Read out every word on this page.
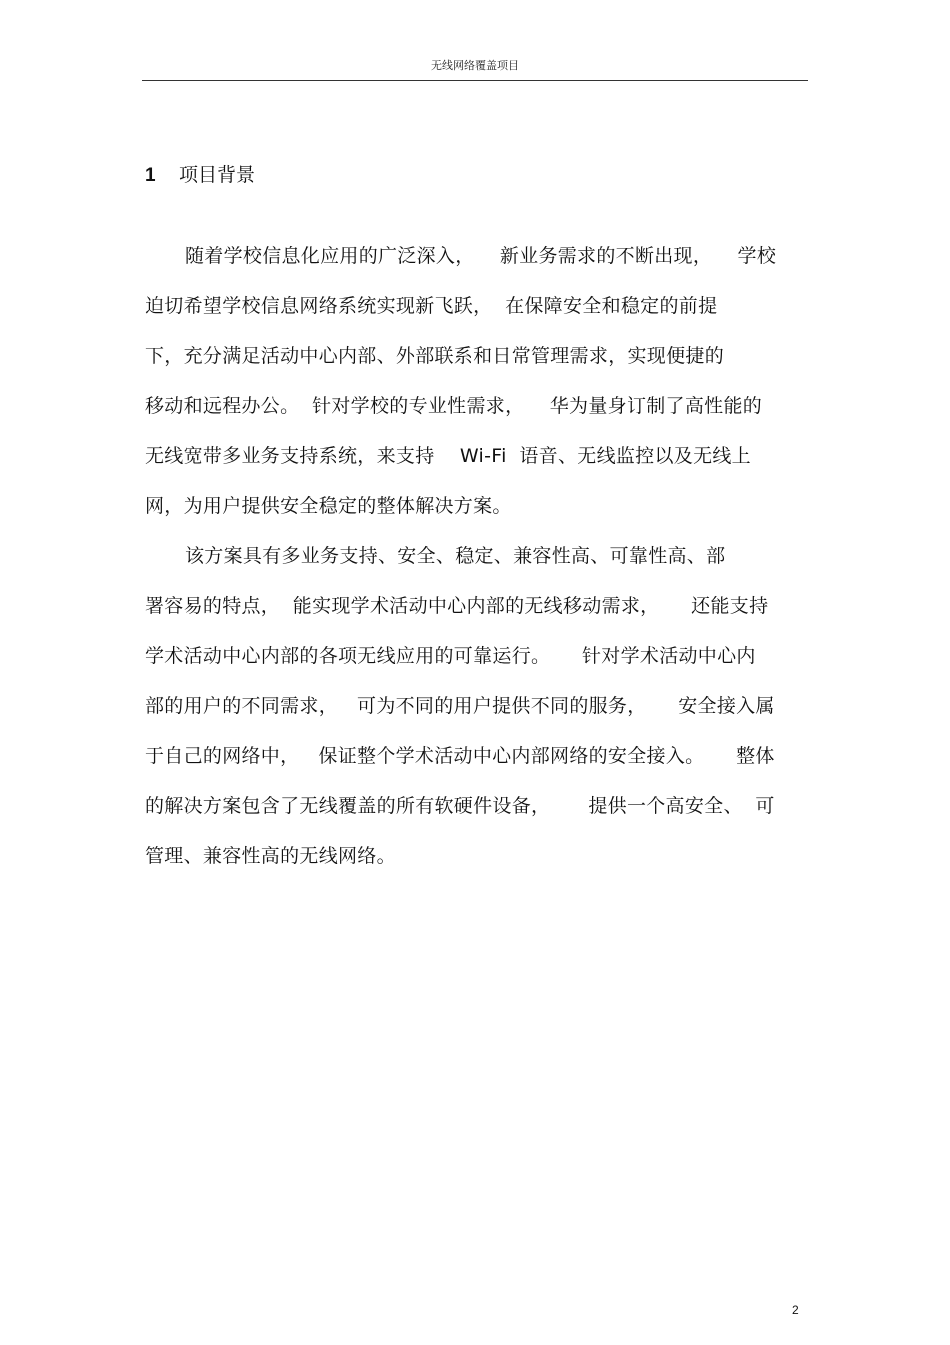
无线网络覆盖项目
1 项目背景
随着学校信息化应用的广泛深入，    新业务需求的不断出现，    学校
迫切希望学校信息网络系统实现新飞跃，  在保障安全和稳定的前提
下，充分满足活动中心内部、外部联系和日常管理需求，实现便捷的
移动和远程办公。  针对学校的专业性需求，    华为量身订制了高性能的
无线宽带多业务支持系统，来支持    Wi-Fi  语音、无线监控以及无线上
网，为用户提供安全稳定的整体解决方案。
该方案具有多业务支持、安全、稳定、兼容性高、可靠性高、部
署容易的特点，  能实现学术活动中心内部的无线移动需求，     还能支持
学术活动中心内部的各项无线应用的可靠运行。     针对学术活动中心内
部的用户的不同需求，   可为不同的用户提供不同的服务，     安全接入属
于自己的网络中，   保证整个学术活动中心内部网络的安全接入。     整体
的解决方案包含了无线覆盖的所有软硬件设备，      提供一个高安全、  可
管理、兼容性高的无线网络。
2
